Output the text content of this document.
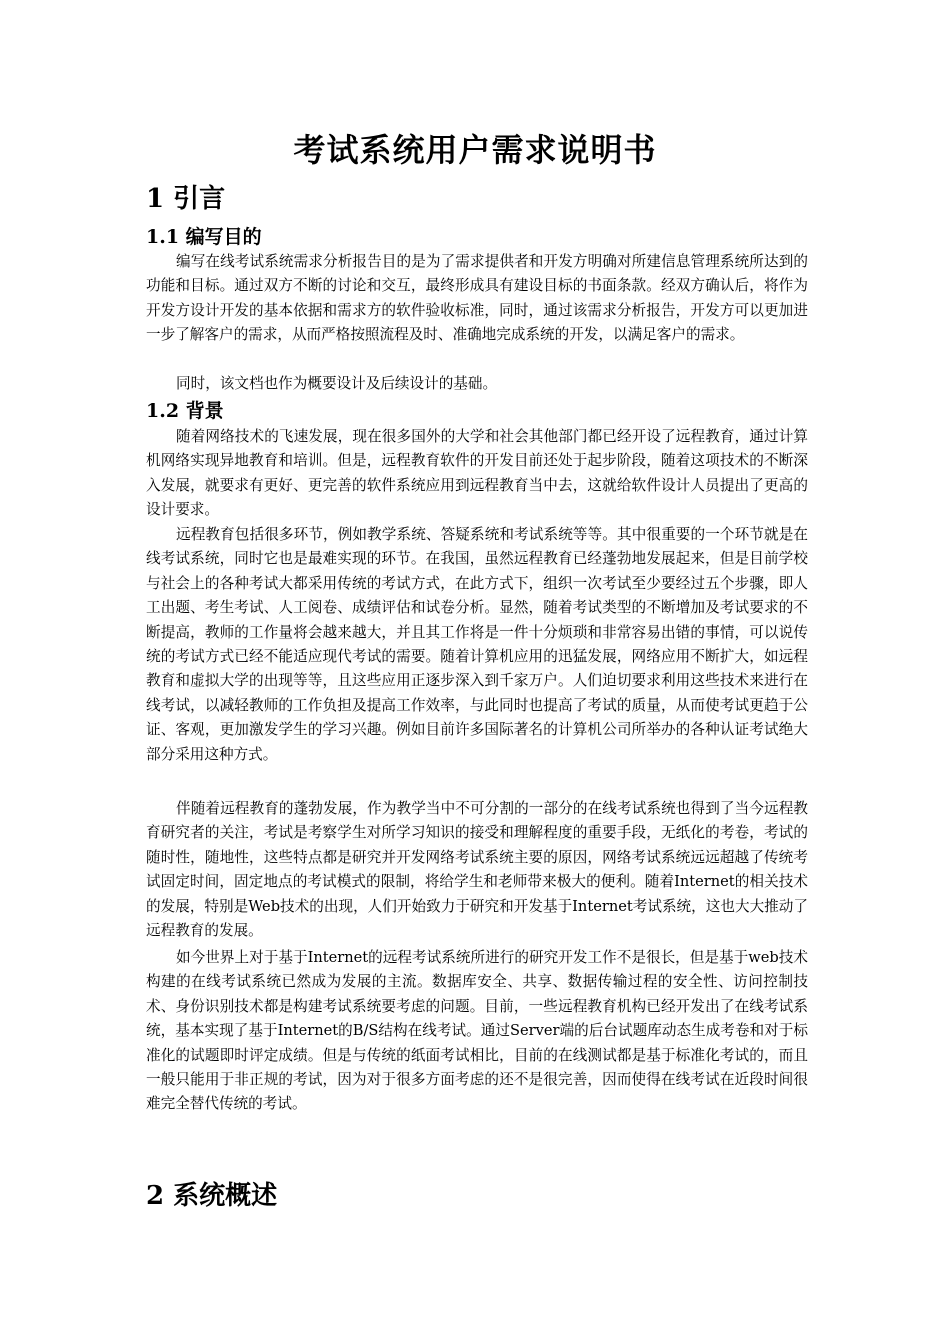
考试系统用户需求说明书
1 引言
1.1 编写目的

编写在线考试系统需求分析报告目的是为了需求提供者和开发方明确对所建信息管理系统所达到的功能和目标。通过双方不断的讨论和交互，最终形成具有建设目标的书面条款。经双方确认后，将作为开发方设计开发的基本依据和需求方的软件验收标准，同时，通过该需求分析报告，开发方可以更加进一步了解客户的需求，从而严格按照流程及时、准确地完成系统的开发，以满足客户的需求。

同时，该文档也作为概要设计及后续设计的基础。

1.2 背景

随着网络技术的飞速发展，现在很多国外的大学和社会其他部门都已经开设了远程教育，通过计算机网络实现异地教育和培训。但是，远程教育软件的开发目前还处于起步阶段，随着这项技术的不断深入发展，就要求有更好、更完善的软件系统应用到远程教育当中去，这就给软件设计人员提出了更高的设计要求。

远程教育包括很多环节，例如教学系统、答疑系统和考试系统等等。其中很重要的一个环节就是在线考试系统，同时它也是最难实现的环节。在我国，虽然远程教育已经蓬勃地发展起来，但是目前学校与社会上的各种考试大都采用传统的考试方式，在此方式下，组织一次考试至少要经过五个步骤，即人工出题、考生考试、人工阅卷、成绩评估和试卷分析。显然，随着考试类型的不断增加及考试要求的不断提高，教师的工作量将会越来越大，并且其工作将是一件十分烦琐和非常容易出错的事情，可以说传统的考试方式已经不能适应现代考试的需要。随着计算机应用的迅猛发展，网络应用不断扩大，如远程教育和虚拟大学的出现等等，且这些应用正逐步深入到千家万户。人们迫切要求利用这些技术来进行在线考试，以减轻教师的工作负担及提高工作效率，与此同时也提高了考试的质量，从而使考试更趋于公证、客观，更加激发学生的学习兴趣。例如目前许多国际著名的计算机公司所举办的各种认证考试绝大部分采用这种方式。

伴随着远程教育的蓬勃发展，作为教学当中不可分割的一部分的在线考试系统也得到了当今远程教育研究者的关注，考试是考察学生对所学习知识的接受和理解程度的重要手段，无纸化的考卷，考试的随时性，随地性，这些特点都是研究并开发网络考试系统主要的原因，网络考试系统远远超越了传统考试固定时间，固定地点的考试模式的限制，将给学生和老师带来极大的便利。随着Internet的相关技术的发展，特别是Web技术的出现，人们开始致力于研究和开发基于Internet考试系统，这也大大推动了远程教育的发展。

如今世界上对于基于Internet的远程考试系统所进行的研究开发工作不是很长，但是基于web技术构建的在线考试系统已然成为发展的主流。数据库安全、共享、数据传输过程的安全性、访问控制技术、身份识别技术都是构建考试系统要考虑的问题。目前，一些远程教育机构已经开发出了在线考试系统，基本实现了基于Internet的B/S结构在线考试。通过Server端的后台试题库动态生成考卷和对于标准化的试题即时评定成绩。但是与传统的纸面考试相比，目前的在线测试都是基于标准化考试的，而且一般只能用于非正规的考试，因为对于很多方面考虑的还不是很完善，因而使得在线考试在近段时间很难完全替代传统的考试。

2 系统概述
